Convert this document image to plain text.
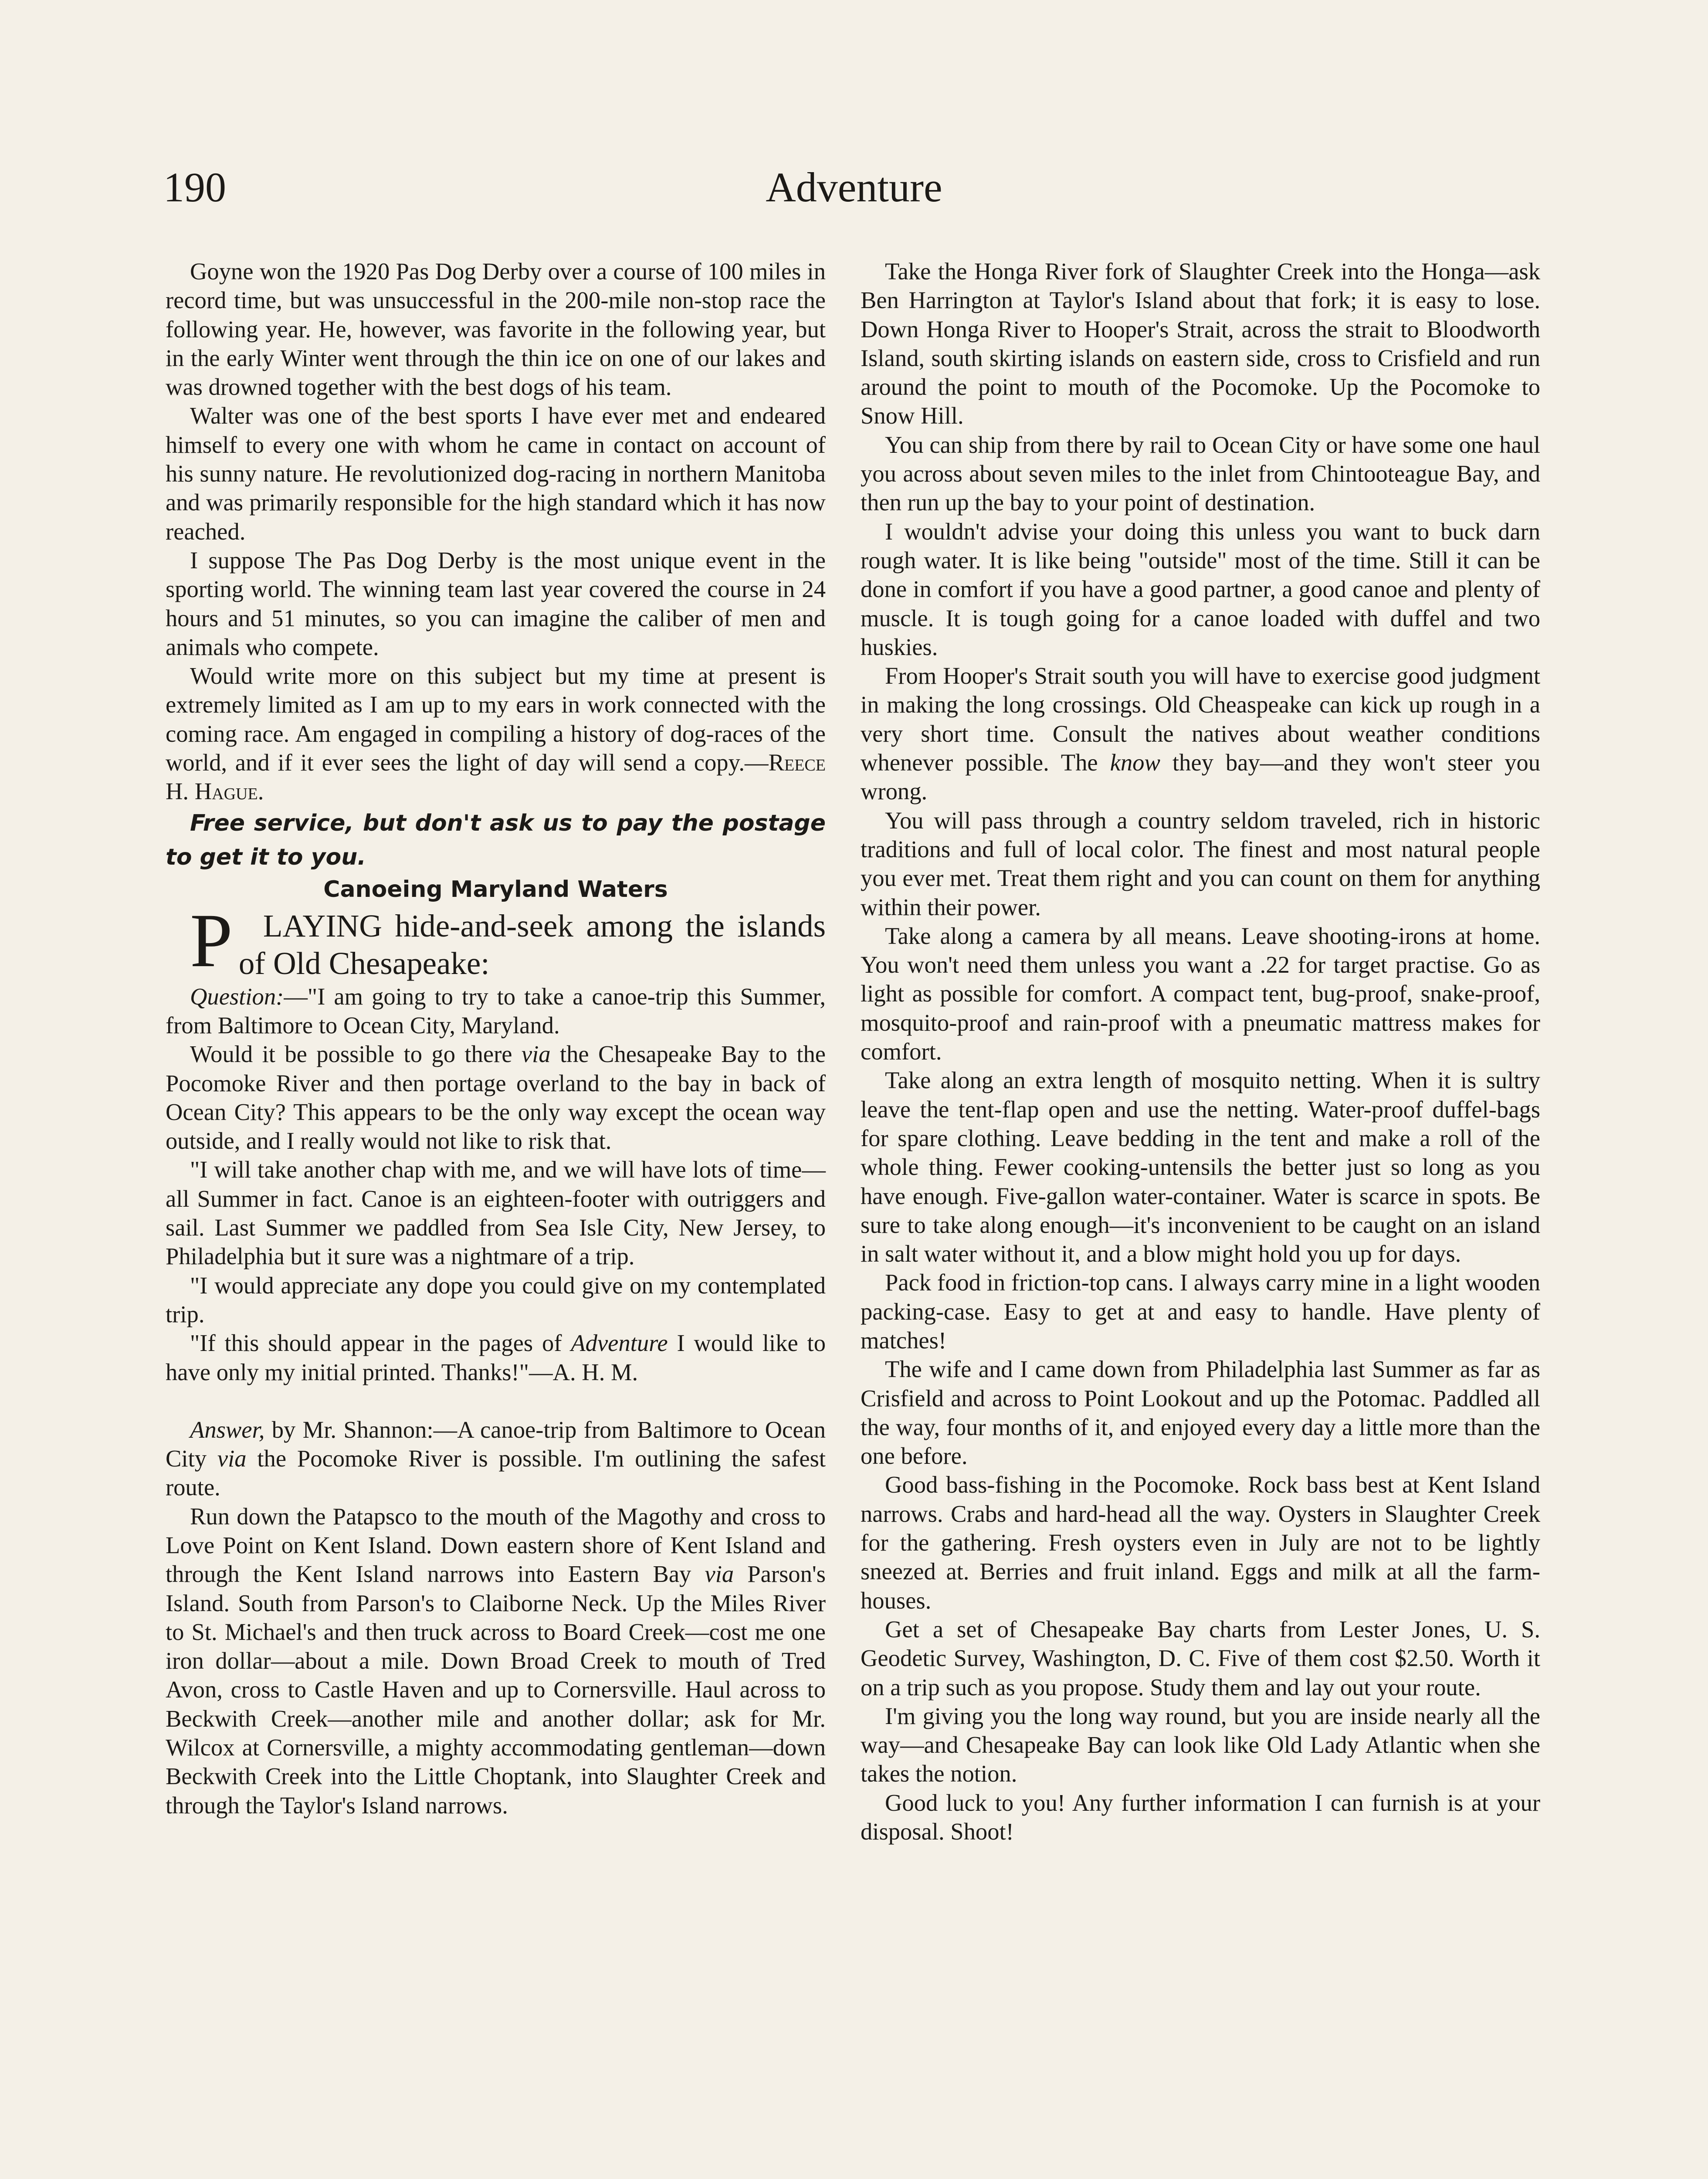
190	Adventure

Goyne won the 1920 Pas Dog Derby over a course of 100 miles in record time, but was unsuccessful in the 200-mile non-stop race the following year. He, however, was favorite in the following year, but in the early Winter went through the thin ice on one of our lakes and was drowned together with the best dogs of his team.

Walter was one of the best sports I have ever met and endeared himself to every one with whom he came in contact on account of his sunny nature. He revolutionized dog-racing in northern Manitoba and was primarily responsible for the high standard which it has now reached.

I suppose The Pas Dog Derby is the most unique event in the sporting world. The winning team last year covered the course in 24 hours and 51 minutes, so you can imagine the caliber of men and animals who compete.

Would write more on this subject but my time at present is extremely limited as I am up to my ears in work connected with the coming race. Am engaged in compiling a history of dog-races of the world, and if it ever sees the light of day will send a copy.—Reece H. Hague.

Free service, but don't ask us to pay the postage to get it to you.

Canoeing Maryland Waters

PLAYING hide-and-seek among the islands of Old Chesapeake:

Question:—"I am going to try to take a canoe-trip this Summer, from Baltimore to Ocean City, Maryland.

Would it be possible to go there via the Chesapeake Bay to the Pocomoke River and then portage overland to the bay in back of Ocean City? This appears to be the only way except the ocean way outside, and I really would not like to risk that.

"I will take another chap with me, and we will have lots of time—all Summer in fact. Canoe is an eighteen-footer with outriggers and sail. Last Summer we paddled from Sea Isle City, New Jersey, to Philadelphia but it sure was a nightmare of a trip.

"I would appreciate any dope you could give on my contemplated trip.

"If this should appear in the pages of Adventure I would like to have only my initial printed. Thanks!"—A. H. M.

Answer, by Mr. Shannon:—A canoe-trip from Baltimore to Ocean City via the Pocomoke River is possible. I'm outlining the safest route.

Run down the Patapsco to the mouth of the Magothy and cross to Love Point on Kent Island. Down eastern shore of Kent Island and through the Kent Island narrows into Eastern Bay via Parson's Island. South from Parson's to Claiborne Neck. Up the Miles River to St. Michael's and then truck across to Board Creek—cost me one iron dollar—about a mile. Down Broad Creek to mouth of Tred Avon, cross to Castle Haven and up to Cornersville. Haul across to Beckwith Creek—another mile and another dollar; ask for Mr. Wilcox at Cornersville, a mighty accommodating gentleman—down Beckwith Creek into the Little Choptank, into Slaughter Creek and through the Taylor's Island narrows.

Take the Honga River fork of Slaughter Creek into the Honga—ask Ben Harrington at Taylor's Island about that fork; it is easy to lose. Down Honga River to Hooper's Strait, across the strait to Bloodworth Island, south skirting islands on eastern side, cross to Crisfield and run around the point to mouth of the Pocomoke. Up the Pocomoke to Snow Hill.

You can ship from there by rail to Ocean City or have some one haul you across about seven miles to the inlet from Chintooteague Bay, and then run up the bay to your point of destination.

I wouldn't advise your doing this unless you want to buck darn rough water. It is like being "outside" most of the time. Still it can be done in comfort if you have a good partner, a good canoe and plenty of muscle. It is tough going for a canoe loaded with duffel and two huskies.

From Hooper's Strait south you will have to exercise good judgment in making the long crossings. Old Cheaspeake can kick up rough in a very short time. Consult the natives about weather conditions whenever possible. The know they bay—and they won't steer you wrong.

You will pass through a country seldom traveled, rich in historic traditions and full of local color. The finest and most natural people you ever met. Treat them right and you can count on them for anything within their power.

Take along a camera by all means. Leave shooting-irons at home. You won't need them unless you want a .22 for target practise. Go as light as possible for comfort. A compact tent, bug-proof, snake-proof, mosquito-proof and rain-proof with a pneumatic mattress makes for comfort.

Take along an extra length of mosquito netting. When it is sultry leave the tent-flap open and use the netting. Water-proof duffel-bags for spare clothing. Leave bedding in the tent and make a roll of the whole thing. Fewer cooking-untensils the better just so long as you have enough. Five-gallon water-container. Water is scarce in spots. Be sure to take along enough—it's inconvenient to be caught on an island in salt water without it, and a blow might hold you up for days.

Pack food in friction-top cans. I always carry mine in a light wooden packing-case. Easy to get at and easy to handle. Have plenty of matches!

The wife and I came down from Philadelphia last Summer as far as Crisfield and across to Point Lookout and up the Potomac. Paddled all the way, four months of it, and enjoyed every day a little more than the one before.

Good bass-fishing in the Pocomoke. Rock bass best at Kent Island narrows. Crabs and hard-head all the way. Oysters in Slaughter Creek for the gathering. Fresh oysters even in July are not to be lightly sneezed at. Berries and fruit inland. Eggs and milk at all the farm-houses.

Get a set of Chesapeake Bay charts from Lester Jones, U. S. Geodetic Survey, Washington, D. C. Five of them cost $2.50. Worth it on a trip such as you propose. Study them and lay out your route.

I'm giving you the long way round, but you are inside nearly all the way—and Chesapeake Bay can look like Old Lady Atlantic when she takes the notion.

Good luck to you! Any further information I can furnish is at your disposal. Shoot!
